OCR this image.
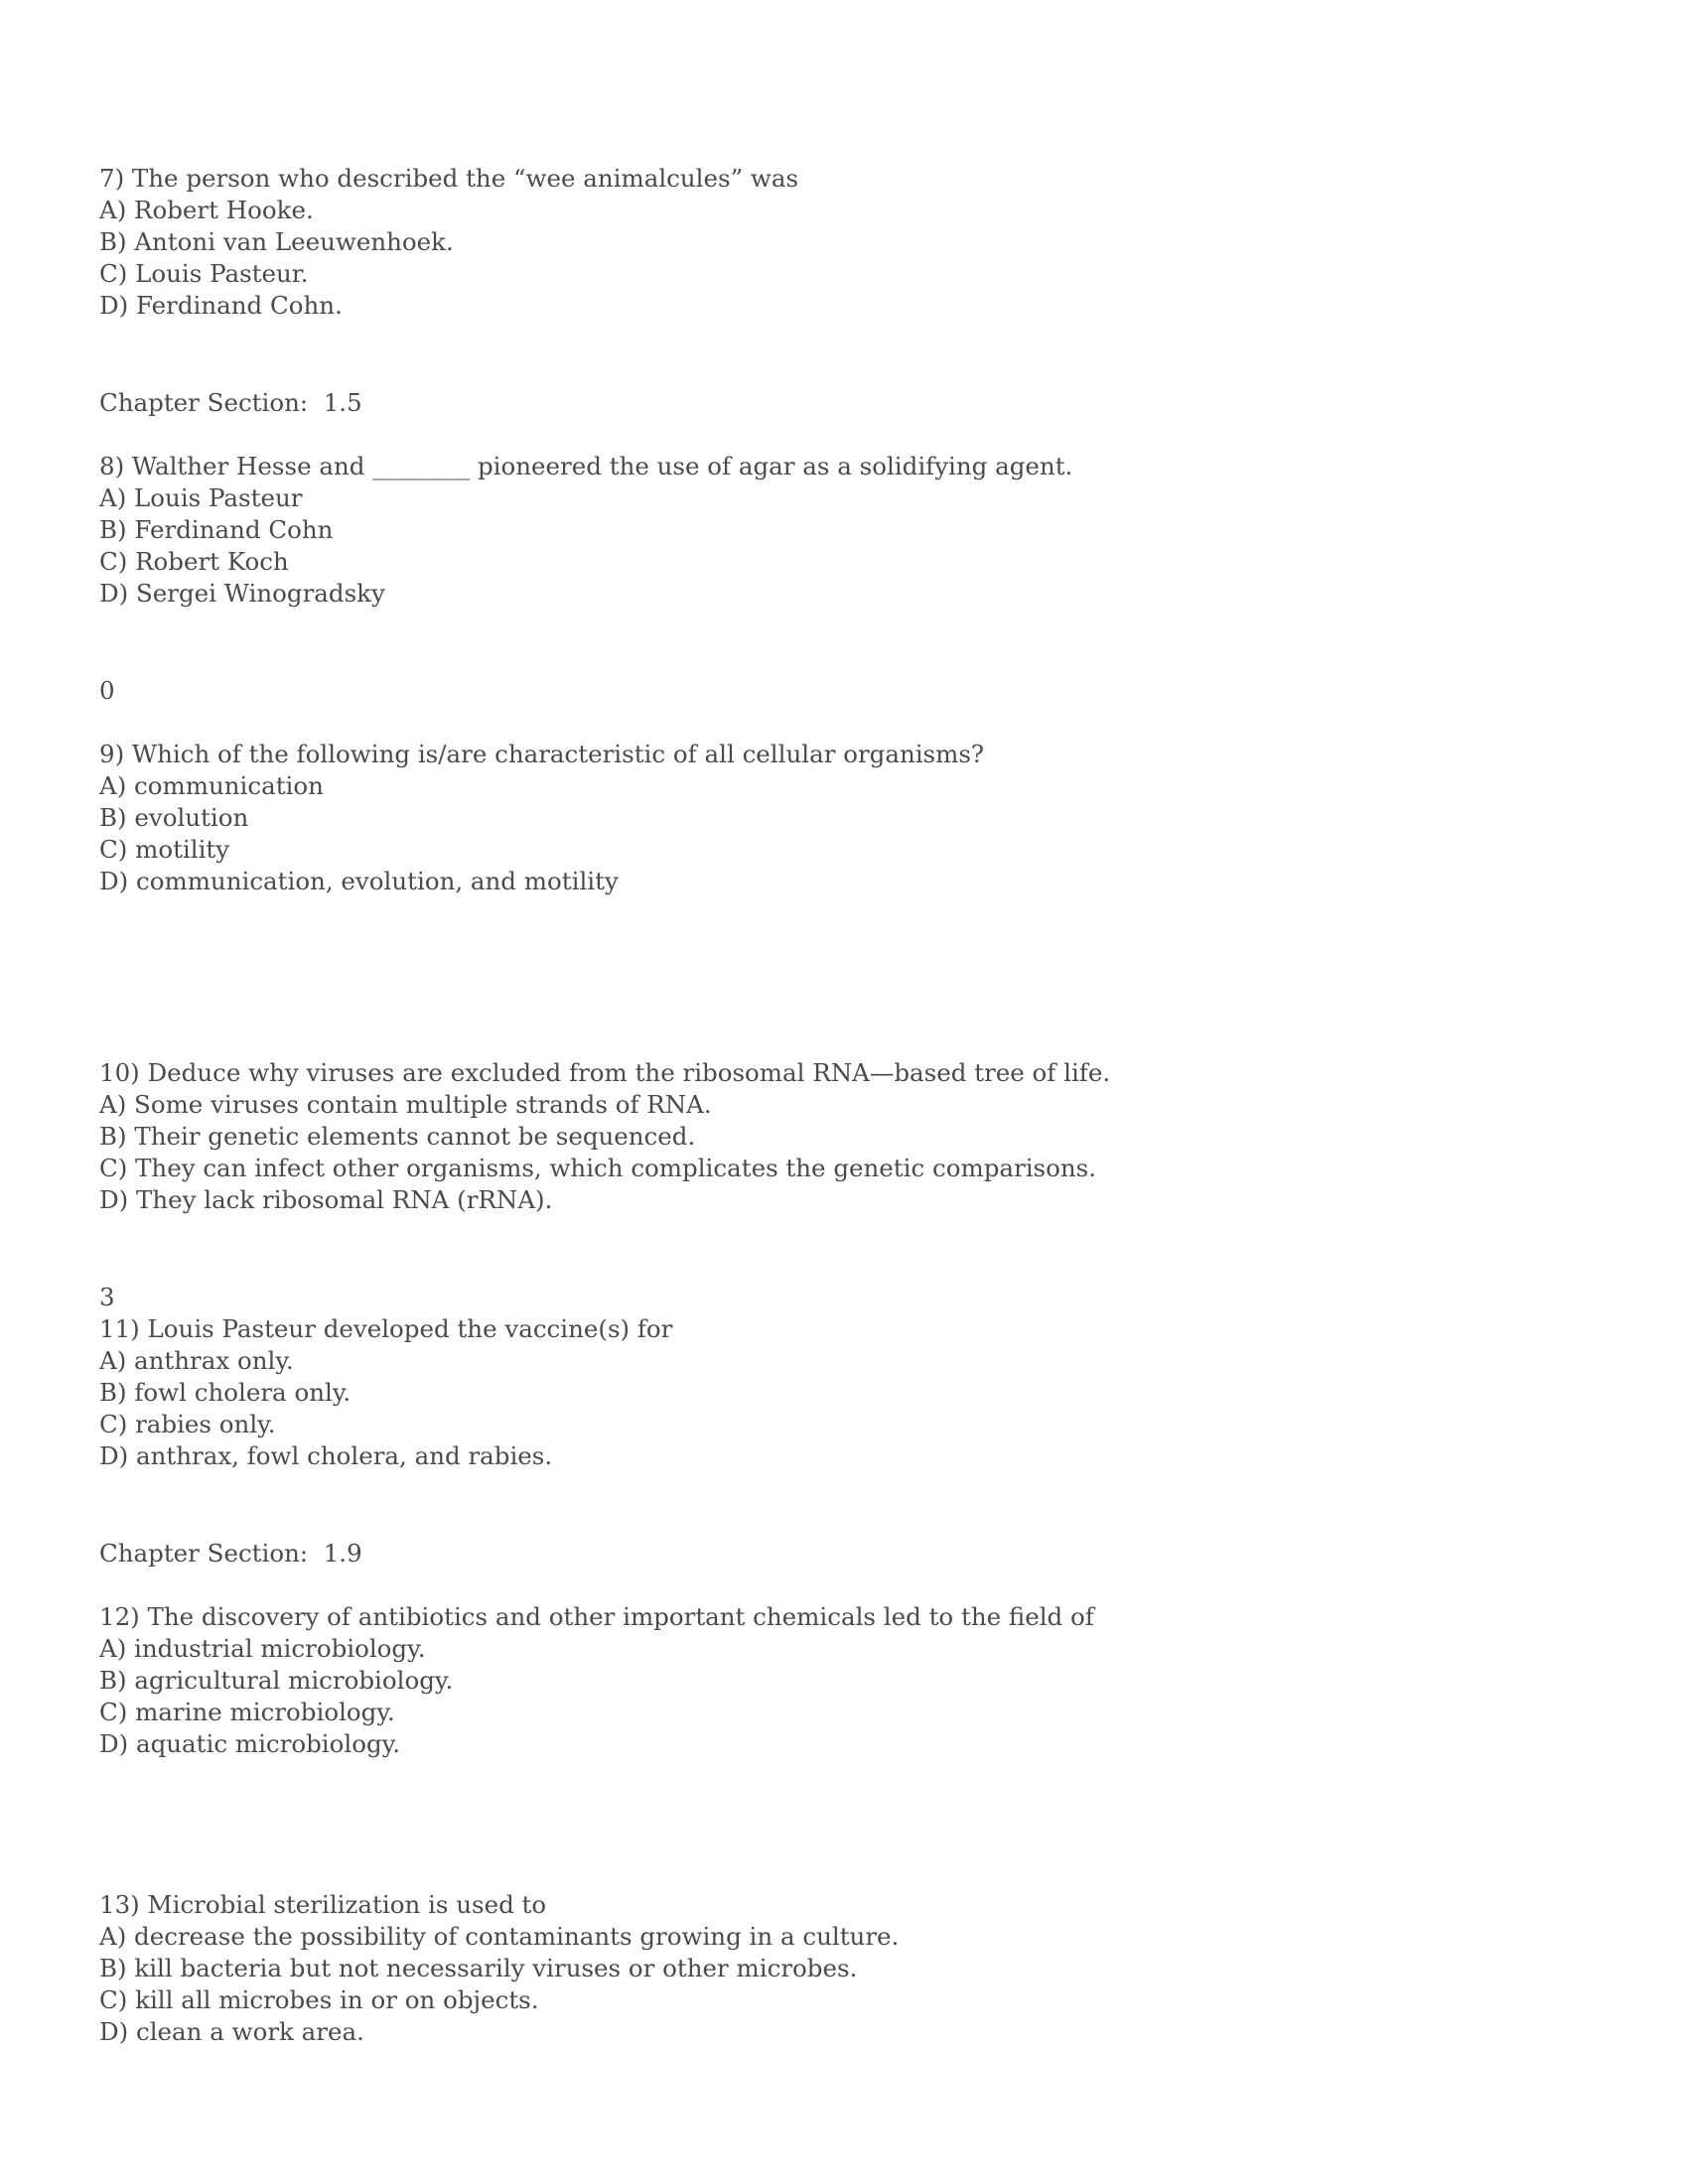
7) The person who described the “wee animalcules” was

A) Robert Hooke.

B) Antoni van Leeuwenhoek.

C) Louis Pasteur.

D) Ferdinand Cohn.

Chapter Section:  1.5

8) Walther Hesse and ________ pioneered the use of agar as a solidifying agent.

A) Louis Pasteur

B) Ferdinand Cohn

C) Robert Koch

D) Sergei Winogradsky

0

9) Which of the following is/are characteristic of all cellular organisms?

A) communication

B) evolution

C) motility

D) communication, evolution, and motility

10) Deduce why viruses are excluded from the ribosomal RNA—based tree of life.

A) Some viruses contain multiple strands of RNA.

B) Their genetic elements cannot be sequenced.

C) They can infect other organisms, which complicates the genetic comparisons.

D) They lack ribosomal RNA (rRNA).

3

11) Louis Pasteur developed the vaccine(s) for

A) anthrax only.

B) fowl cholera only.

C) rabies only.

D) anthrax, fowl cholera, and rabies.

Chapter Section:  1.9

12) The discovery of antibiotics and other important chemicals led to the field of

A) industrial microbiology.

B) agricultural microbiology.

C) marine microbiology.

D) aquatic microbiology.

13) Microbial sterilization is used to

A) decrease the possibility of contaminants growing in a culture.

B) kill bacteria but not necessarily viruses or other microbes.

C) kill all microbes in or on objects.

D) clean a work area.
